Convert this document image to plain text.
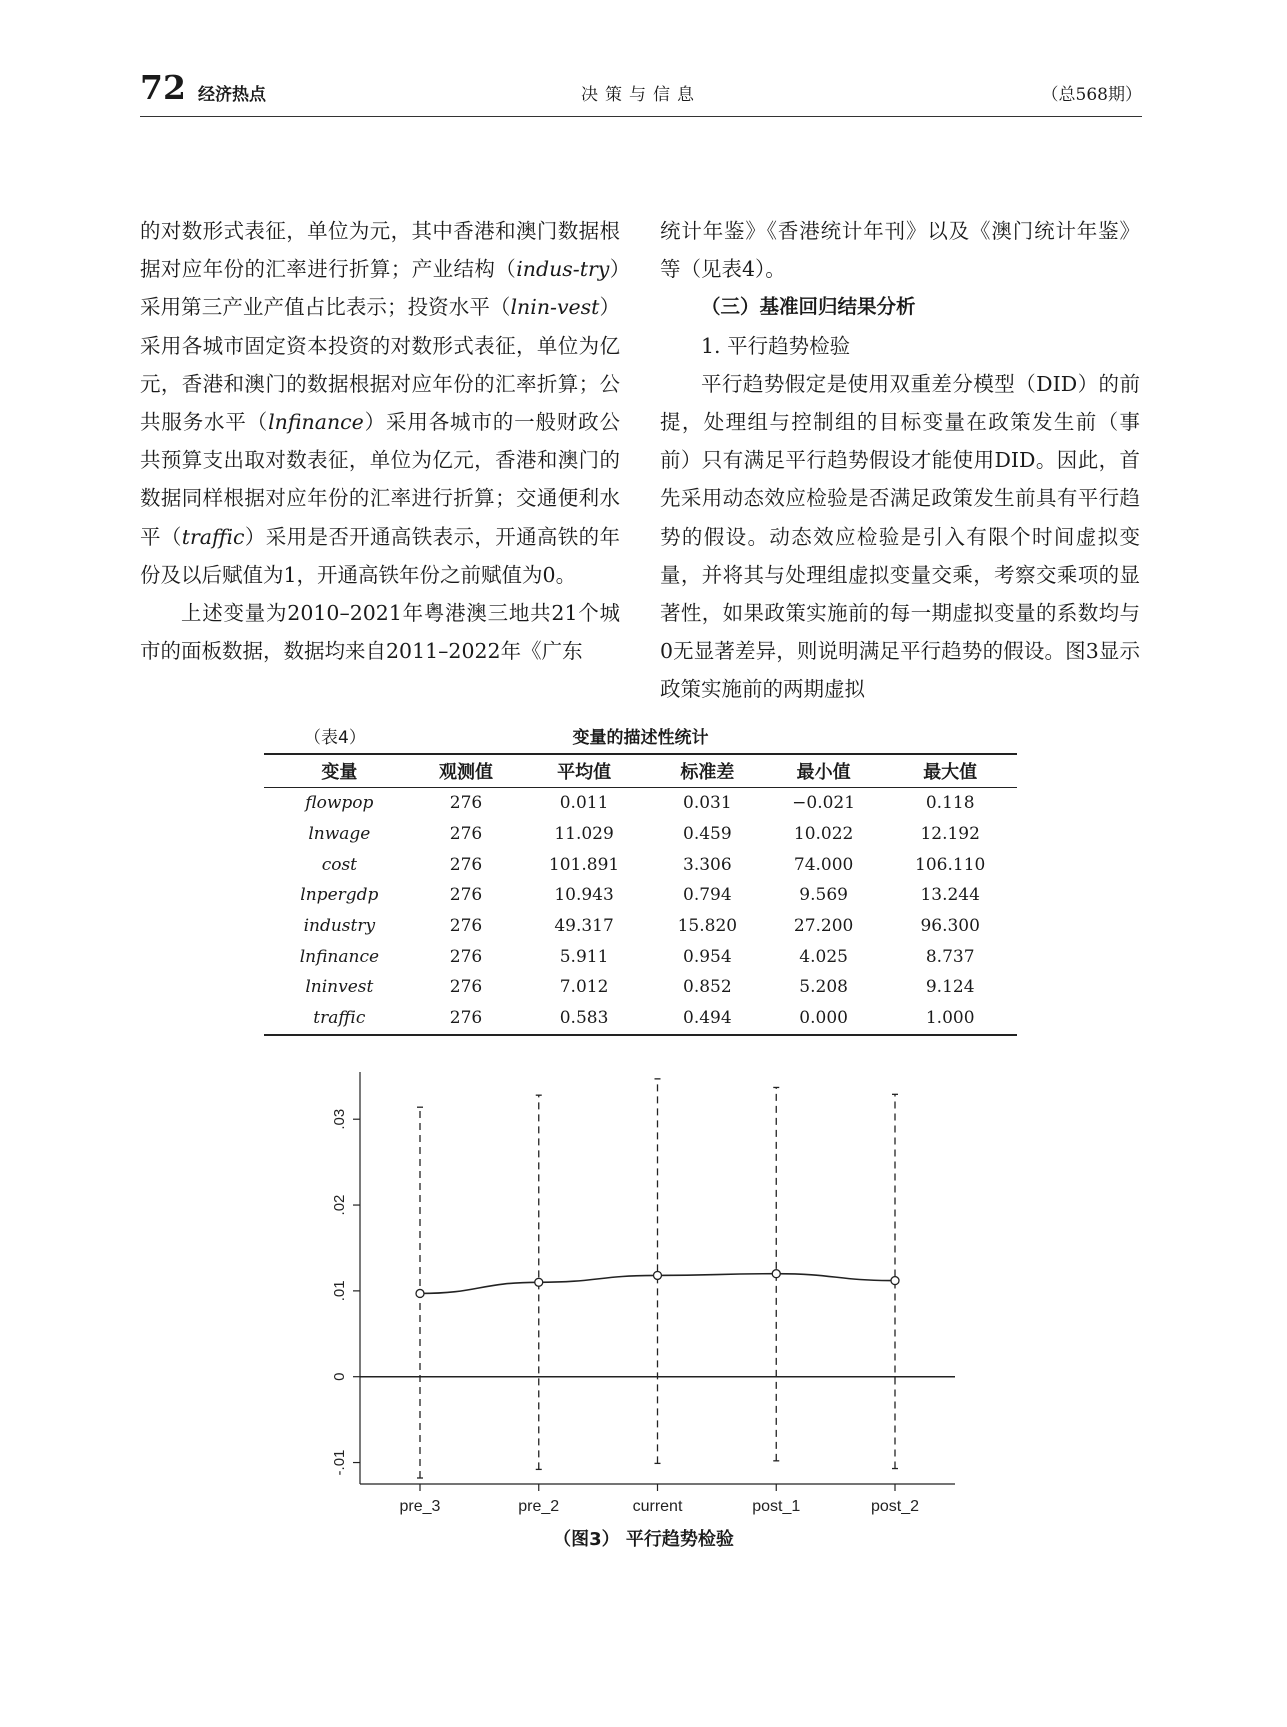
72 经济热点	决策与信息	（总568期）

的对数形式表征，单位为元，其中香港和澳门数据根据对应年份的汇率进行折算；产业结构（indus-try）采用第三产业产值占比表示；投资水平（lnin-vest）采用各城市固定资本投资的对数形式表征，单位为亿元，香港和澳门的数据根据对应年份的汇率折算；公共服务水平（lnfinance）采用各城市的一般财政公共预算支出取对数表征，单位为亿元，香港和澳门的数据同样根据对应年份的汇率进行折算；交通便利水平（traffic）采用是否开通高铁表示，开通高铁的年份及以后赋值为1，开通高铁年份之前赋值为0。

上述变量为2010–2021年粤港澳三地共21个城市的面板数据，数据均来自2011–2022年《广东

统计年鉴》《香港统计年刊》以及《澳门统计年鉴》等（见表4）。

（三）基准回归结果分析

1. 平行趋势检验

平行趋势假定是使用双重差分模型（DID）的前提，处理组与控制组的目标变量在政策发生前（事前）只有满足平行趋势假设才能使用DID。因此，首先采用动态效应检验是否满足政策发生前具有平行趋势的假设。动态效应检验是引入有限个时间虚拟变量，并将其与处理组虚拟变量交乘，考察交乘项的显著性，如果政策实施前的每一期虚拟变量的系数均与0无显著差异，则说明满足平行趋势的假设。图3显示政策实施前的两期虚拟

变量的描述性统计
（表4）
变量	观测值	平均值	标准差	最小值	最大值
flowpop	276	0.011	0.031	−0.021	0.118
lnwage	276	11.029	0.459	10.022	12.192
cost	276	101.891	3.306	74.000	106.110
lnpergdp	276	10.943	0.794	9.569	13.244
industry	276	49.317	15.820	27.200	96.300
lnfinance	276	5.911	0.954	4.025	8.737
lninvest	276	7.012	0.852	5.208	9.124
traffic	276	0.583	0.494	0.000	1.000
-.01
0
.01
.02
.03
pre_3	pre_2	current	post_1	post_2
（图3） 平行趋势检验
